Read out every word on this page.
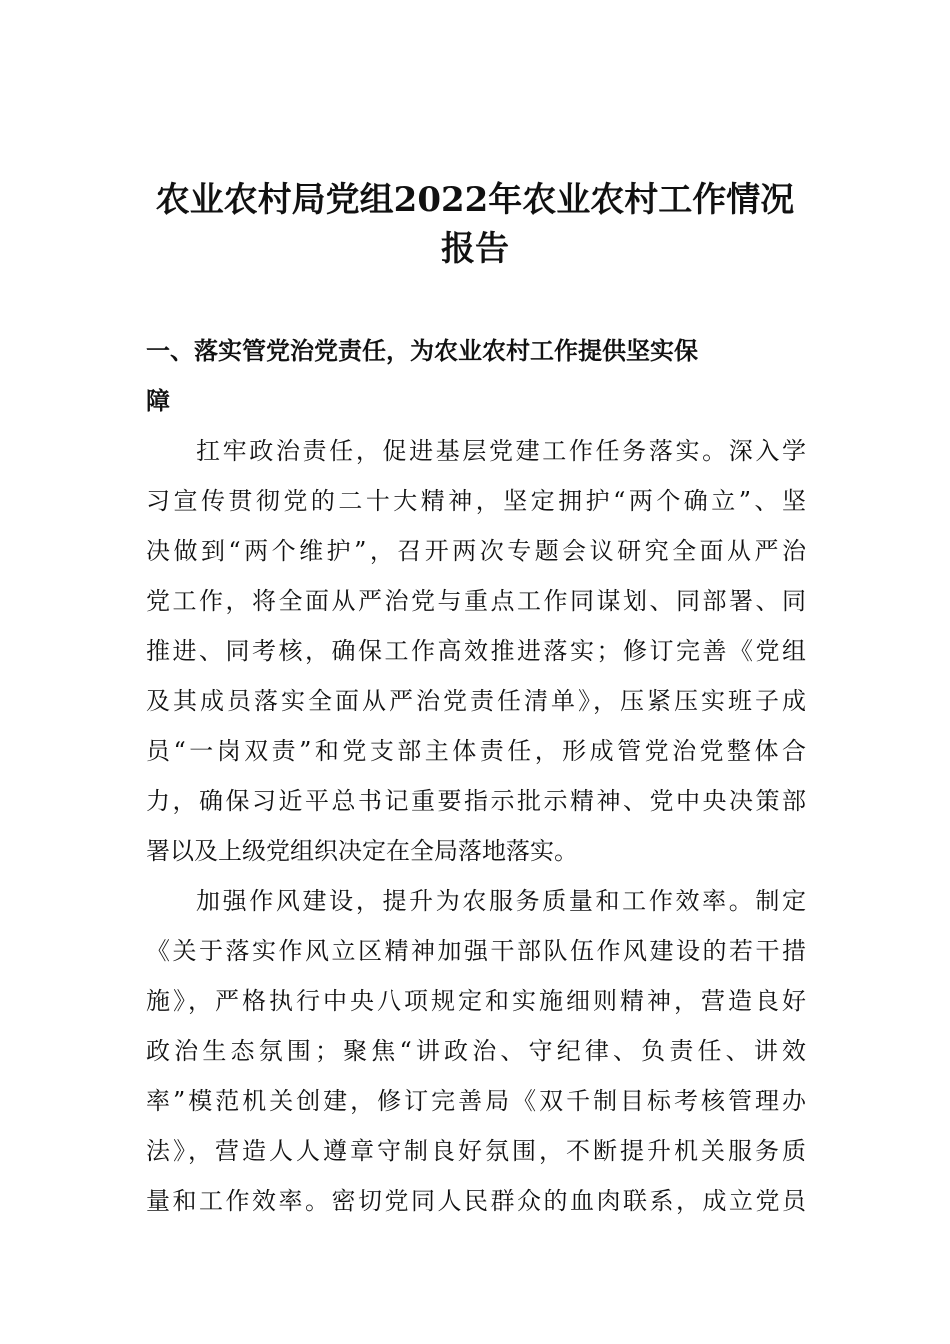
农业农村局党组2022年农业农村工作情况
报告

一、落实管党治党责任，为农业农村工作提供坚实保

障

扛牢政治责任，促进基层党建工作任务落实。深入学

习宣传贯彻党的二十大精神，坚定拥护“两个确立”、坚

决做到“两个维护”，召开两次专题会议研究全面从严治

党工作，将全面从严治党与重点工作同谋划、同部署、同

推进、同考核，确保工作高效推进落实；修订完善《党组

及其成员落实全面从严治党责任清单》，压紧压实班子成

员“一岗双责”和党支部主体责任，形成管党治党整体合

力，确保习近平总书记重要指示批示精神、党中央决策部

署以及上级党组织决定在全局落地落实。

加强作风建设，提升为农服务质量和工作效率。制定

《关于落实作风立区精神加强干部队伍作风建设的若干措

施》，严格执行中央八项规定和实施细则精神，营造良好

政治生态氛围；聚焦“讲政治、守纪律、负责任、讲效

率”模范机关创建，修订完善局《双千制目标考核管理办

法》，营造人人遵章守制良好氛围，不断提升机关服务质

量和工作效率。密切党同人民群众的血肉联系，成立党员
